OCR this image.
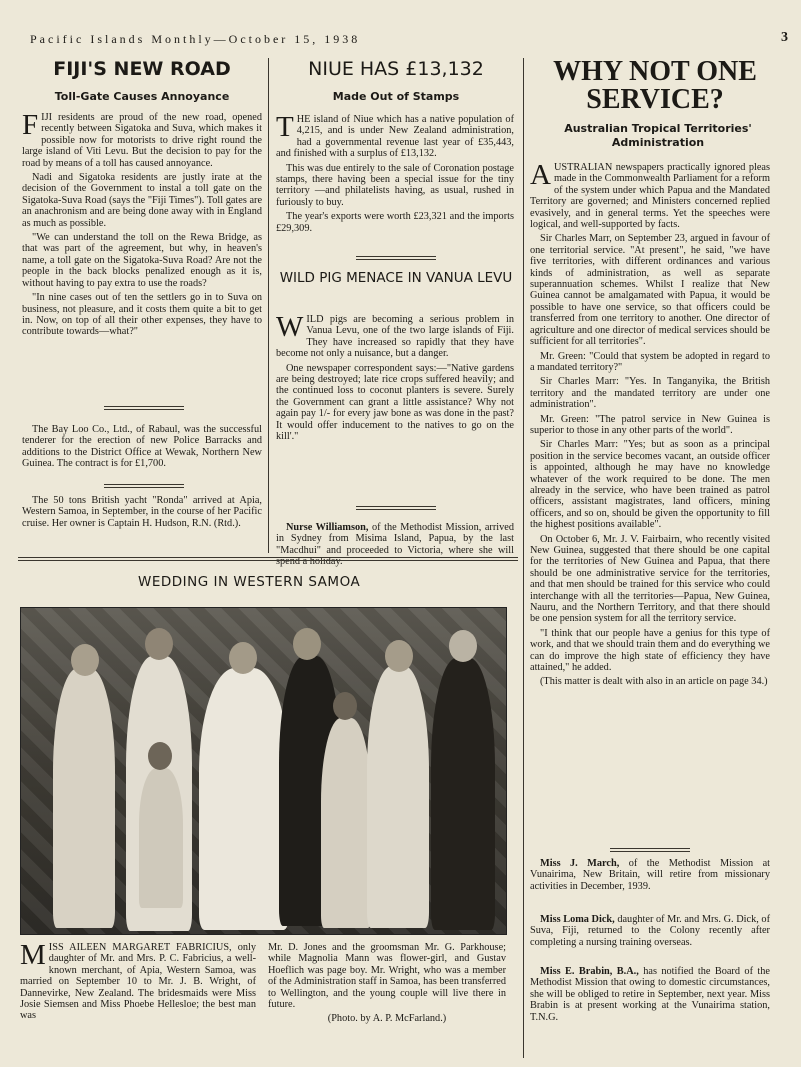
Pacific Islands Monthly—October 15, 1938	3
FIJI'S NEW ROAD
Toll-Gate Causes Annoyance

FIJI residents are proud of the new road, opened recently between Sigatoka and Suva, which makes it possible now for motorists to drive right round the large island of Viti Levu. But the decision to pay for the road by means of a toll has caused annoyance.

Nadi and Sigatoka residents are justly irate at the decision of the Government to instal a toll gate on the Sigatoka-Suva Road (says the "Fiji Times"). Toll gates are an anachronism and are being done away with in England as much as possible.

"We can understand the toll on the Rewa Bridge, as that was part of the agreement, but why, in heaven's name, a toll gate on the Sigatoka-Suva Road? Are not the people in the back blocks penalized enough as it is, without having to pay extra to use the roads?

"In nine cases out of ten the settlers go in to Suva on business, not pleasure, and it costs them quite a bit to get in. Now, on top of all their other expenses, they have to contribute towards—what?"

The Bay Loo Co., Ltd., of Rabaul, was the successful tenderer for the erection of new Police Barracks and additions to the District Office at Wewak, Northern New Guinea. The contract is for £1,700.

The 50 tons British yacht "Ronda" arrived at Apia, Western Samoa, in September, in the course of her Pacific cruise. Her owner is Captain H. Hudson, R.N. (Rtd.).

NIUE HAS £13,132
Made Out of Stamps

THE island of Niue which has a native population of 4,215, and is under New Zealand administration, had a governmental revenue last year of £35,443, and finished with a surplus of £13,132.

This was due entirely to the sale of Coronation postage stamps, there having been a special issue for the tiny territory —and philatelists having, as usual, rushed in furiously to buy.

The year's exports were worth £23,321 and the imports £29,309.

WILD PIG MENACE IN VANUA LEVU

WILD pigs are becoming a serious problem in Vanua Levu, one of the two large islands of Fiji. They have increased so rapidly that they have become not only a nuisance, but a danger.

One newspaper correspondent says:—"Native gardens are being destroyed; late rice crops suffered heavily; and the continued loss to coconut planters is severe. Surely the Government can grant a little assistance? Why not again pay 1/- for every jaw bone as was done in the past? It would offer inducement to the natives to go on the kill'."

Nurse Williamson, of the Methodist Mission, arrived in Sydney from Misima Island, Papua, by the last "Macdhui" and proceeded to Victoria, where she will spend a holiday.

WEDDING IN WESTERN SAMOA

MISS AILEEN MARGARET FABRICIUS, only daughter of Mr. and Mrs. P. C. Fabricius, a well-known merchant, of Apia, Western Samoa, was married on September 10 to Mr. J. B. Wright, of Dannevirke, New Zealand. The bridesmaids were Miss Josie Siemsen and Miss Phoebe Hellesloe; the best man was

Mr. D. Jones and the groomsman Mr. G. Parkhouse; while Magnolia Mann was flower-girl, and Gustav Hoeflich was page boy. Mr. Wright, who was a member of the Administration staff in Samoa, has been transferred to Wellington, and the young couple will live there in future.

(Photo. by A. P. McFarland.)

WHY NOT ONE
SERVICE?
Australian Tropical Territories' Administration

AUSTRALIAN newspapers practically ignored pleas made in the Commonwealth Parliament for a reform of the system under which Papua and the Mandated Territory are governed; and Ministers concerned replied evasively, and in general terms. Yet the speeches were logical, and well-supported by facts.

Sir Charles Marr, on September 23, argued in favour of one territorial service. "At present", he said, "we have five territories, with different ordinances and various kinds of administration, as well as separate superannuation schemes. Whilst I realize that New Guinea cannot be amalgamated with Papua, it would be possible to have one service, so that officers could be transferred from one territory to another. One director of agriculture and one director of medical services should be sufficient for all territories".

Mr. Green: "Could that system be adopted in regard to a mandated territory?"

Sir Charles Marr: "Yes. In Tanganyika, the British territory and the mandated territory are under one administration".

Mr. Green: "The patrol service in New Guinea is superior to those in any other parts of the world".

Sir Charles Marr: "Yes; but as soon as a principal position in the service becomes vacant, an outside officer is appointed, although he may have no knowledge whatever of the work required to be done. The men already in the service, who have been trained as patrol officers, assistant magistrates, land officers, mining officers, and so on, should be given the opportunity to fill the highest positions available".

On October 6, Mr. J. V. Fairbairn, who recently visited New Guinea, suggested that there should be one capital for the territories of New Guinea and Papua, that there should be one administrative service for the territories, and that men should be trained for this service who could interchange with all the territories—Papua, New Guinea, Nauru, and the Northern Territory, and that there should be one pension system for all the territory service.

"I think that our people have a genius for this type of work, and that we should train them and do everything we can do improve the high state of efficiency they have attained," he added.

(This matter is dealt with also in an article on page 34.)

Miss J. March, of the Methodist Mission at Vunairima, New Britain, will retire from missionary activities in December, 1939.

Miss Loma Dick, daughter of Mr. and Mrs. G. Dick, of Suva, Fiji, returned to the Colony recently after completing a nursing training overseas.

Miss E. Brabin, B.A., has notified the Board of the Methodist Mission that owing to domestic circumstances, she will be obliged to retire in September, next year. Miss Brabin is at present working at the Vunairima station, T.N.G.
